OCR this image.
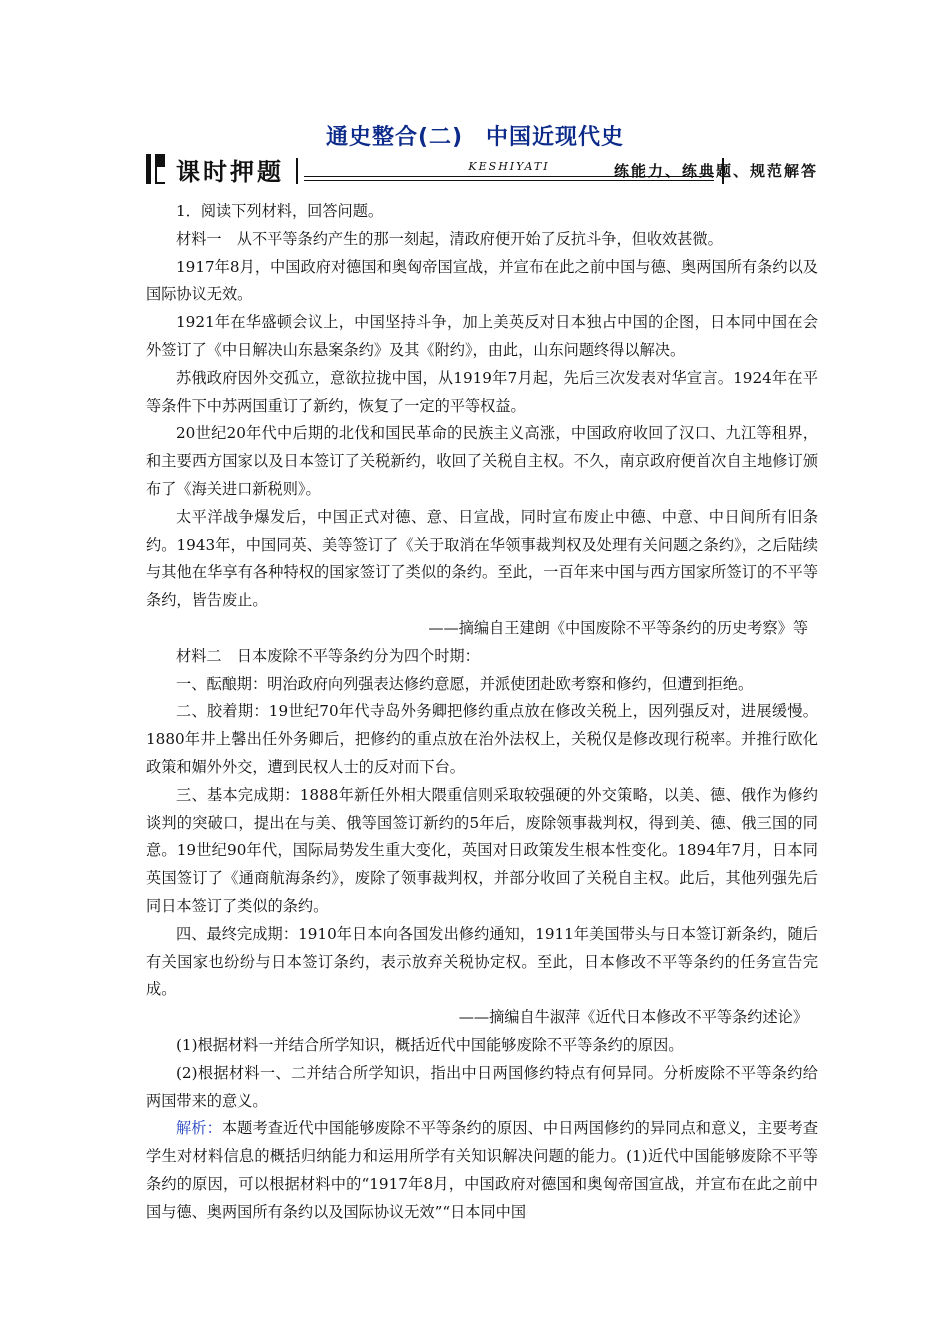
通史整合(二)　中国近现代史
课时押题	KESHIYATI	练能力、练典题、规范解答

1．阅读下列材料，回答问题。

材料一　从不平等条约产生的那一刻起，清政府便开始了反抗斗争，但收效甚微。

1917年8月，中国政府对德国和奥匈帝国宣战，并宣布在此之前中国与德、奥两国所有条约以及国际协议无效。

1921年在华盛顿会议上，中国坚持斗争，加上美英反对日本独占中国的企图，日本同中国在会外签订了《中日解决山东悬案条约》及其《附约》，由此，山东问题终得以解决。

苏俄政府因外交孤立，意欲拉拢中国，从1919年7月起，先后三次发表对华宣言。1924年在平等条件下中苏两国重订了新约，恢复了一定的平等权益。

20世纪20年代中后期的北伐和国民革命的民族主义高涨，中国政府收回了汉口、九江等租界，和主要西方国家以及日本签订了关税新约，收回了关税自主权。不久，南京政府便首次自主地修订颁布了《海关进口新税则》。

太平洋战争爆发后，中国正式对德、意、日宣战，同时宣布废止中德、中意、中日间所有旧条约。1943年，中国同英、美等签订了《关于取消在华领事裁判权及处理有关问题之条约》，之后陆续与其他在华享有各种特权的国家签订了类似的条约。至此，一百年来中国与西方国家所签订的不平等条约，皆告废止。

——摘编自王建朗《中国废除不平等条约的历史考察》等

材料二　日本废除不平等条约分为四个时期：

一、酝酿期：明治政府向列强表达修约意愿，并派使团赴欧考察和修约，但遭到拒绝。

二、胶着期：19世纪70年代寺岛外务卿把修约重点放在修改关税上，因列强反对，进展缓慢。1880年井上馨出任外务卿后，把修约的重点放在治外法权上，关税仅是修改现行税率。并推行欧化政策和媚外外交，遭到民权人士的反对而下台。

三、基本完成期：1888年新任外相大隈重信则采取较强硬的外交策略，以美、德、俄作为修约谈判的突破口，提出在与美、俄等国签订新约的5年后，废除领事裁判权，得到美、德、俄三国的同意。19世纪90年代，国际局势发生重大变化，英国对日政策发生根本性变化。1894年7月，日本同英国签订了《通商航海条约》，废除了领事裁判权，并部分收回了关税自主权。此后，其他列强先后同日本签订了类似的条约。

四、最终完成期：1910年日本向各国发出修约通知，1911年美国带头与日本签订新条约，随后有关国家也纷纷与日本签订条约，表示放弃关税协定权。至此，日本修改不平等条约的任务宣告完成。

——摘编自牛淑萍《近代日本修改不平等条约述论》

(1)根据材料一并结合所学知识，概括近代中国能够废除不平等条约的原因。

(2)根据材料一、二并结合所学知识，指出中日两国修约特点有何异同。分析废除不平等条约给两国带来的意义。

解析：本题考查近代中国能够废除不平等条约的原因、中日两国修约的异同点和意义，主要考查学生对材料信息的概括归纳能力和运用所学有关知识解决问题的能力。(1)近代中国能够废除不平等条约的原因，可以根据材料中的“1917年8月，中国政府对德国和奥匈帝国宣战，并宣布在此之前中国与德、奥两国所有条约以及国际协议无效”“日本同中国
